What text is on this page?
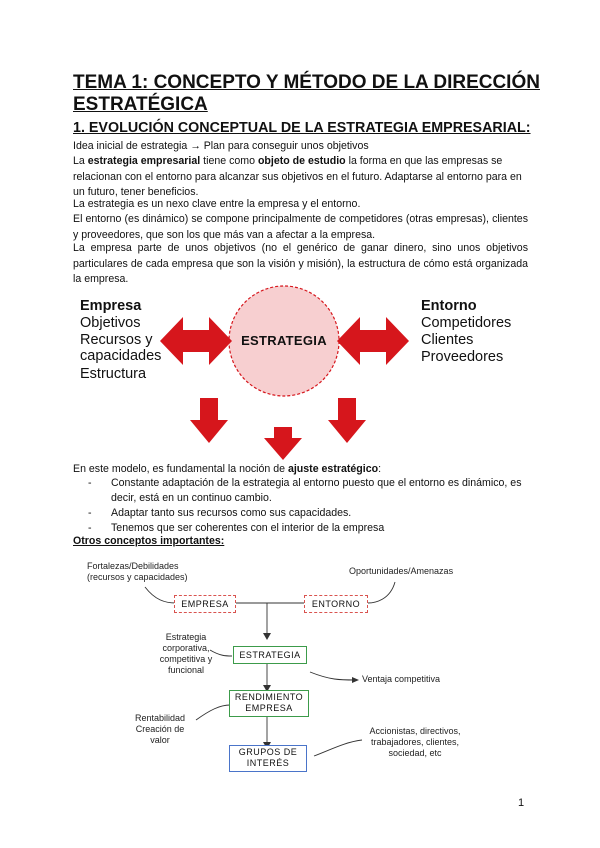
TEMA 1: CONCEPTO Y MÉTODO DE LA DIRECCIÓN ESTRATÉGICA
1. EVOLUCIÓN CONCEPTUAL DE LA ESTRATEGIA EMPRESARIAL:

Idea inicial de estrategia → Plan para conseguir unos objetivos

La estrategia empresarial tiene como objeto de estudio la forma en que las empresas se relacionan con el entorno para alcanzar sus objetivos en el futuro. Adaptarse al entorno para en un futuro, tener beneficios.

La estrategia es un nexo clave entre la empresa y el entorno.

El entorno (es dinámico) se compone principalmente de competidores (otras empresas), clientes y proveedores, que son los que más van a afectar a la empresa.

La empresa parte de unos objetivos (no el genérico de ganar dinero, sino unos objetivos particulares de cada empresa que son la visión y misión), la estructura de cómo está organizada la empresa.

Empresa
Objetivos
Recursos y capacidades
Estructura
Entorno
Competidores
Clientes
Proveedores
ESTRATEGIA

En este modelo, es fundamental la noción de ajuste estratégico:

- Constante adaptación de la estrategia al entorno puesto que el entorno es dinámico, es decir, está en un continuo cambio.
- Adaptar tanto sus recursos como sus capacidades.
- Tenemos que ser coherentes con el interior de la empresa
Otros conceptos importantes:
EMPRESA	ENTORNO
ESTRATEGIA
RENDIMIENTO EMPRESA
GRUPOS DE INTERÉS
Fortalezas/Debilidades (recursos y capacidades)
Oportunidades/Amenazas
Estrategia corporativa, competitiva y funcional
Ventaja competitiva
Rentabilidad Creación de valor
Accionistas, directivos, trabajadores, clientes, sociedad, etc
1
